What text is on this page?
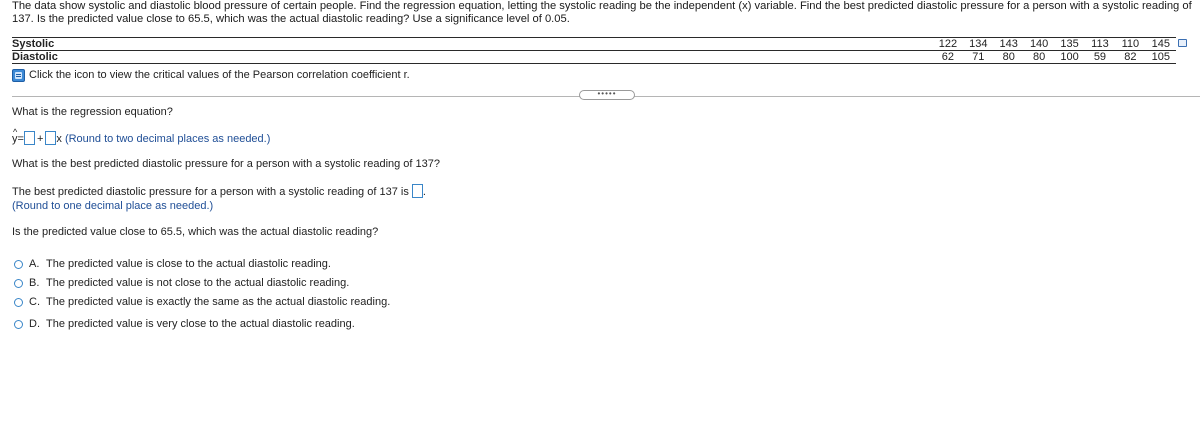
The data show systolic and diastolic blood pressure of certain people. Find the regression equation, letting the systolic reading be the independent (x) variable. Find the best predicted diastolic pressure for a person with a systolic reading of 137. Is the predicted value close to 65.5, which was the actual diastolic reading? Use a significance level of 0.05.
Systolic	122	134	143	140	135	113	110	145
Diastolic	62	71	80	80	100	59	82	105
Click the icon to view the critical values of the Pearson correlation coefficient r.
•••••
What is the regression equation?
^ y= + x (Round to two decimal places as needed.)
What is the best predicted diastolic pressure for a person with a systolic reading of 137?
The best predicted diastolic pressure for a person with a systolic reading of 137 is .
(Round to one decimal place as needed.)
Is the predicted value close to 65.5, which was the actual diastolic reading?
A. The predicted value is close to the actual diastolic reading.
B. The predicted value is not close to the actual diastolic reading.
C. The predicted value is exactly the same as the actual diastolic reading.
D. The predicted value is very close to the actual diastolic reading.
